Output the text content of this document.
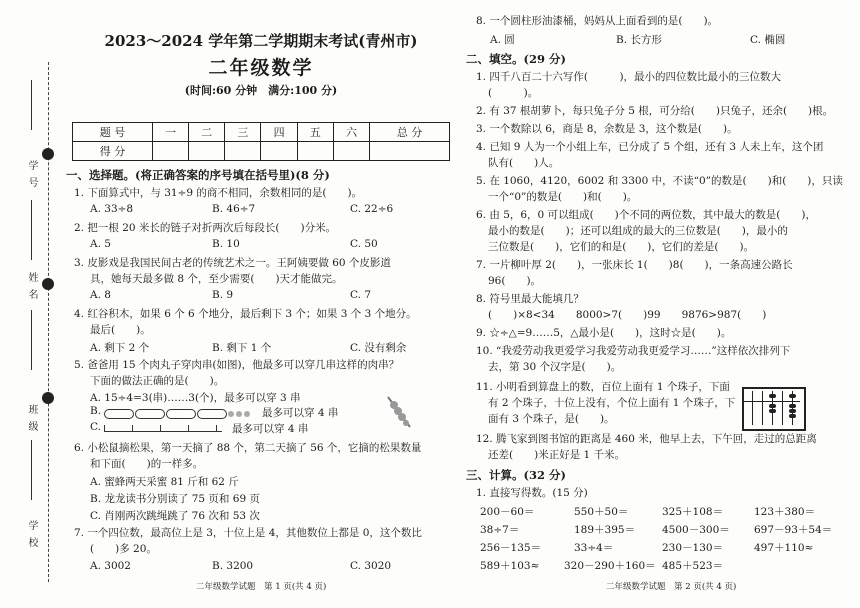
学 号
姓 名
班 级
学 校
2023～2024 学年第二学期期末考试(青州市)
二年级数学
(时间:60 分钟　满分:100 分)
题 号	一	二	三	四	五	六	总 分
得 分							
一、选择题。(将正确答案的序号填在括号里)(8 分)
1. 下面算式中，与 31÷9 的商不相同，余数相同的是(　　)。
A. 33÷8	B. 46÷7	C. 22÷6
2. 把一根 20 米长的链子对折两次后每段长(　　)分米。
A. 5	B. 10	C. 50
3. 皮影戏是我国民间古老的传统艺术之一。王阿姨要做 60 个皮影道
具，她每天最多做 8 个，至少需要(　　)天才能做完。
A. 8	B. 9	C. 7
4. 红谷积木，如果 6 个 6 个地分，最后剩下 3 个；如果 3 个 3 个地分。
最后(　　)。
A. 剩下 2 个	B. 剩下 1 个	C. 没有剩余
5. 爸爸用 15 个肉丸子穿肉串(如图)，他最多可以穿几串这样的肉串？
下面的做法正确的是(　　)。
A. 15÷4=3(串)……3(个)，最多可以穿 3 串
B.	最多可以穿 4 串
C.	最多可以穿 4 串
6. 小松鼠摘松果，第一天摘了 88 个，第二天摘了 56 个，它摘的松果数量
和下面(　　)的一样多。
A. 蜜蜂两天采蜜 81 斤和 62 斤
B. 龙龙读书分别读了 75 页和 69 页
C. 肖刚两次跳绳跳了 76 次和 53 次
7. 一个四位数，最高位上是 3，十位上是 4，其他数位上都是 0，这个数比
(　　)多 20。
A. 3002	B. 3200	C. 3020
二年级数学试题　第 1 页(共 4 页)
8. 一个圆柱形油漆桶，妈妈从上面看到的是(　　)。
A. 圆	B. 长方形	C. 椭圆
二、填空。(29 分)
1. 四千八百二十六写作(　　　)，最小的四位数比最小的三位数大
(　　　)。
2. 有 37 根胡萝卜，每只兔子分 5 根，可分给(　　)只兔子，还余(　　)根。
3. 一个数除以 6，商是 8，余数是 3，这个数是(　　)。
4. 已知 9 人为一个小组上车，已分成了 5 个组，还有 3 人未上车，这个团
队有(　　)人。
5. 在 1060，4120，6002 和 3300 中，不读“0”的数是(　　)和(　　)，只读
一个“0”的数是(　　)和(　　)。
6. 由 5，6，0 可以组成(　　)个不同的两位数，其中最大的数是(　　)，
最小的数是(　　)；还可以组成的最大的三位数是(　　)，最小的
三位数是(　　)，它们的和是(　　)，它们的差是(　　)。
7. 一片柳叶厚 2(　　)，一张床长 1(　　)8(　　)，一条高速公路长
96(　　)。
8. 符号里最大能填几？
(　　)×8<34　　8000>7(　　)99　　9876>987(　　)
9. ☆÷△=9……5，△最小是(　　)，这时☆是(　　)。
10. “我爱劳动我更爱学习我爱劳动我更爱学习……”这样依次排列下
去，第 30 个汉字是(　　)。
11. 小明看到算盘上的数，百位上面有 1 个珠子，下面
有 2 个珠子，十位上没有，个位上面有 1 个珠子，下
面有 3 个珠子，是(　　)。
12. 腾飞家到图书馆的距离是 460 米，他早上去，下午回，走过的总距离
还差(　　)米正好是 1 千米。
三、计算。(32 分)
1. 直接写得数。(15 分)
200－60＝	550＋50＝	325＋108＝	123＋380＝
38÷7＝	189＋395＝	4500－300＝ 697－93＋54＝
256－135＝	33÷4＝	230－130＝	497＋110≈
589＋103≈ 320－290＋160＝ 485＋523＝
二年级数学试题　第 2 页(共 4 页)
